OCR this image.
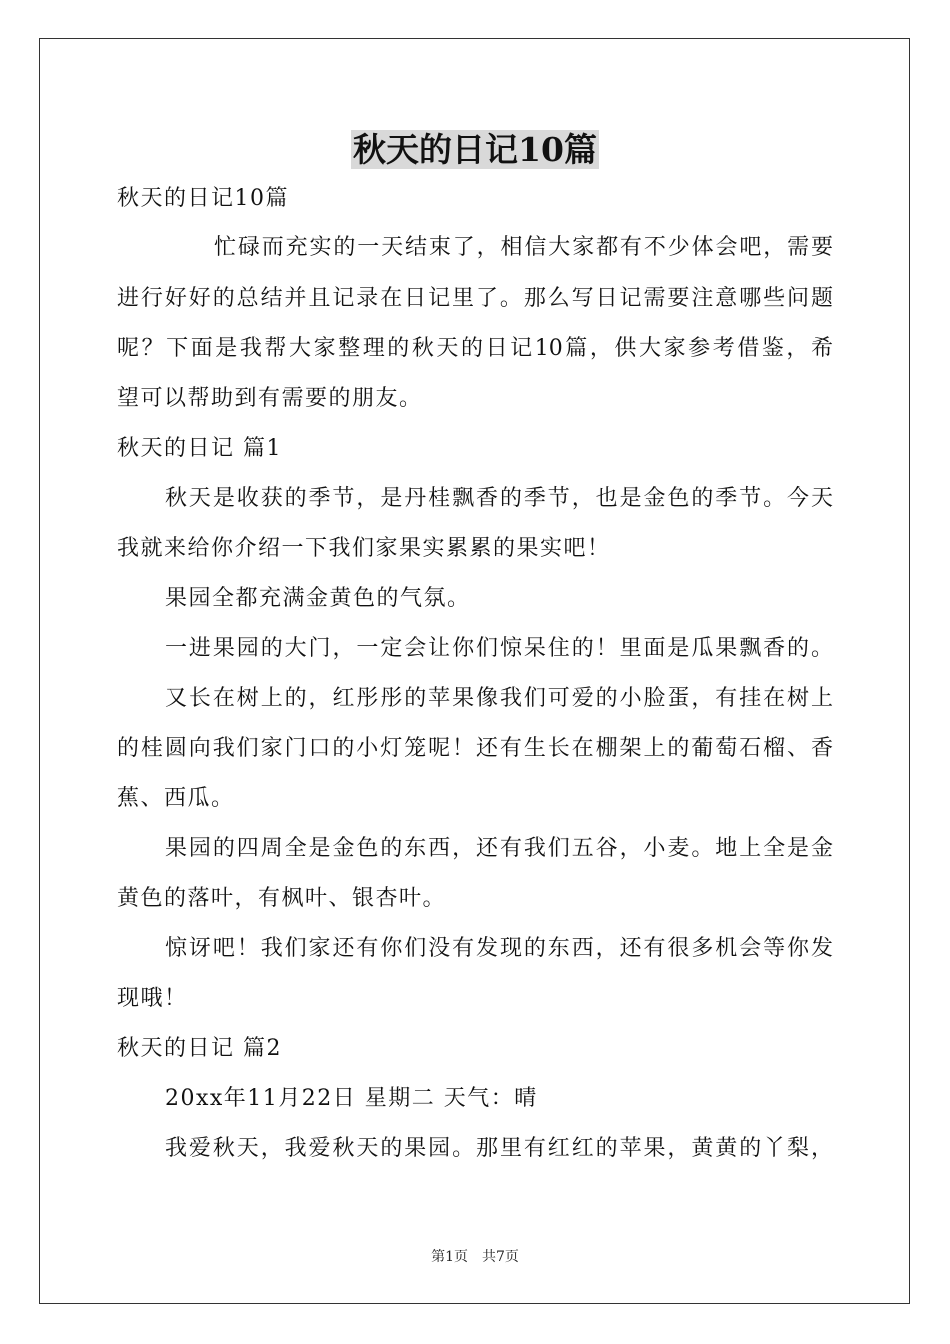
秋天的日记10篇

秋天的日记10篇

忙碌而充实的一天结束了，相信大家都有不少体会吧，需要

进行好好的总结并且记录在日记里了。那么写日记需要注意哪些问题

呢？下面是我帮大家整理的秋天的日记10篇，供大家参考借鉴，希

望可以帮助到有需要的朋友。

秋天的日记 篇1

秋天是收获的季节，是丹桂飘香的季节，也是金色的季节。今天

我就来给你介绍一下我们家果实累累的果实吧！

果园全都充满金黄色的气氛。

一进果园的大门，一定会让你们惊呆住的！里面是瓜果飘香的。

又长在树上的，红彤彤的苹果像我们可爱的小脸蛋，有挂在树上

的桂圆向我们家门口的小灯笼呢！还有生长在棚架上的葡萄石榴、香

蕉、西瓜。

果园的四周全是金色的东西，还有我们五谷，小麦。地上全是金

黄色的落叶，有枫叶、银杏叶。

惊讶吧！我们家还有你们没有发现的东西，还有很多机会等你发

现哦！

秋天的日记 篇2

20xx年11月22日 星期二 天气：晴

我爱秋天，我爱秋天的果园。那里有红红的苹果，黄黄的丫梨，

第1页 共7页
